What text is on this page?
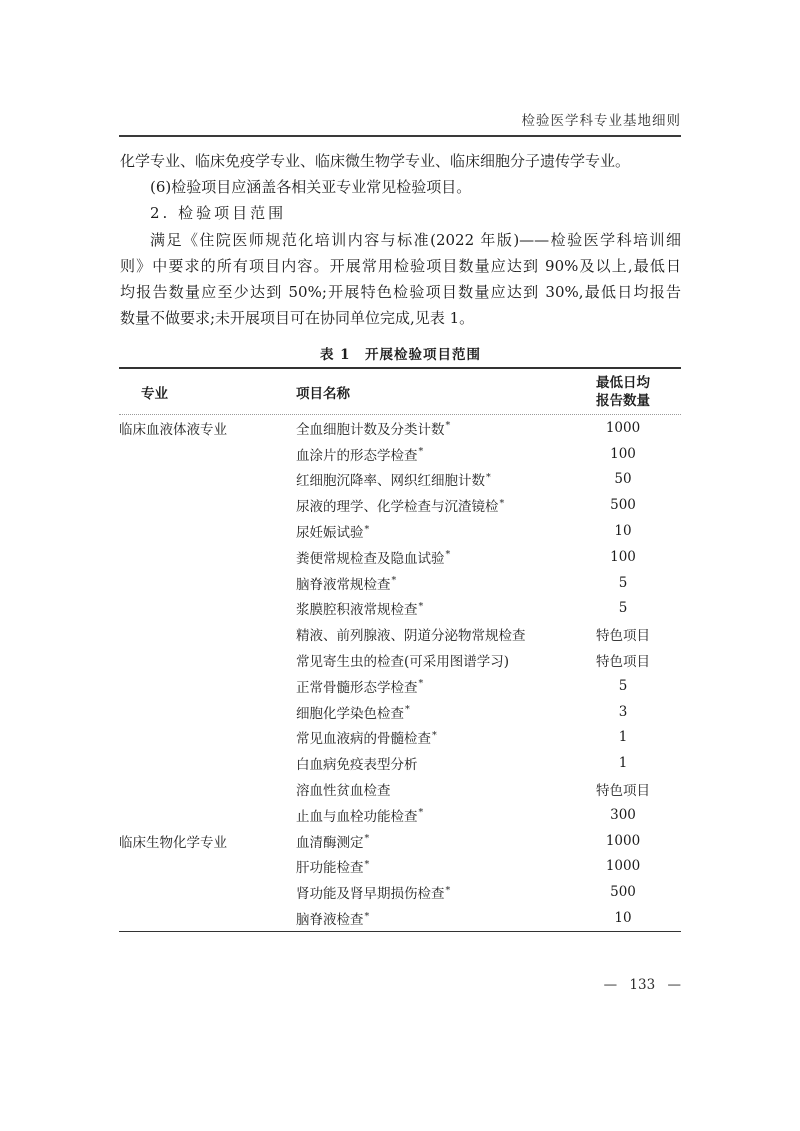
检验医学科专业基地细则

化学专业、临床免疫学专业、临床微生物学专业、临床细胞分子遗传学专业。

(6)检验项目应涵盖各相关亚专业常见检验项目。

2. 检验项目范围

满足《住院医师规范化培训内容与标准(2022 年版)——检验医学科培训细
则》中要求的所有项目内容。开展常用检验项目数量应达到 90%及以上,最低日
均报告数量应至少达到 50%;开展特色检验项目数量应达到 30%,最低日均报告
数量不做要求;未开展项目可在协同单位完成,见表 1。
表 1　开展检验项目范围
专业	项目名称
最低日均
报告数量
临床血液体液专业	全血细胞计数及分类计数*	1000
血涂片的形态学检查*	100
红细胞沉降率、网织红细胞计数*	50
尿液的理学、化学检查与沉渣镜检*	500
尿妊娠试验*	10
粪便常规检查及隐血试验*	100
脑脊液常规检查*	5
浆膜腔积液常规检查*	5
精液、前列腺液、阴道分泌物常规检查	特色项目
常见寄生虫的检查(可采用图谱学习)	特色项目
正常骨髓形态学检查*	5
细胞化学染色检查*	3
常见血液病的骨髓检查*	1
白血病免疫表型分析	1
溶血性贫血检查	特色项目
止血与血栓功能检查*	300
临床生物化学专业	血清酶测定*	1000
肝功能检查*	1000
肾功能及肾早期损伤检查*	500
脑脊液检查*	10
— 133 —
